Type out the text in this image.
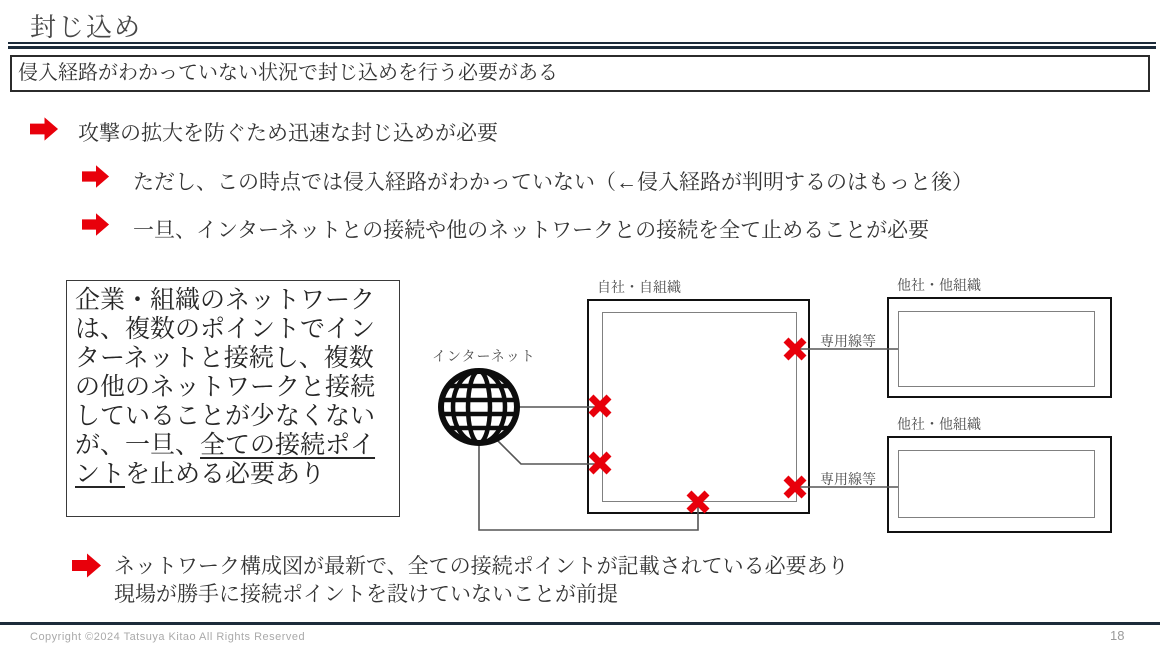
封じ込め
侵入経路がわかっていない状況で封じ込めを行う必要がある
攻撃の拡大を防ぐため迅速な封じ込めが必要
ただし、この時点では侵入経路がわかっていない（←侵入経路が判明するのはもっと後）
一旦、インターネットとの接続や他のネットワークとの接続を全て止めることが必要
企業・組織のネットワークは、複数のポイントでインターネットと接続し、複数の他のネットワークと接続していることが少なくないが、一旦、全ての接続ポイントを止める必要あり
インターネット
自社・自組織	他社・他組織
他社・他組織
専用線等
専用線等
ネットワーク構成図が最新で、全ての接続ポイントが記載されている必要あり
現場が勝手に接続ポイントを設けていないことが前提
Copyright ©2024 Tatsuya Kitao All Rights Reserved	18
